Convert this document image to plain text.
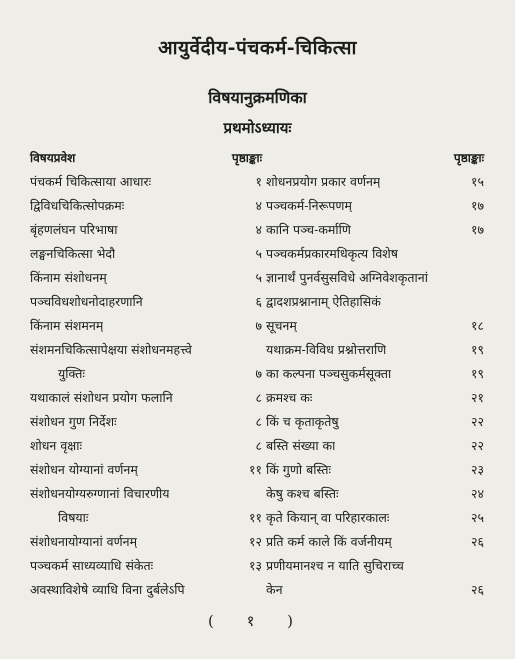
आयुर्वेदीय-पंचकर्म-चिकित्सा
विषयानुक्रमणिका
प्रथमोऽध्यायः
विषयप्रवेश	पृष्ठाङ्काः
पंचकर्म चिकित्साया आधारः	१
द्विविधचिकित्सोपक्रमः	४
बृंहणलंघन परिभाषा	४
लङ्घनचिकित्सा भेदौ	५
किंनाम संशोधनम्	५
पञ्चविधशोधनोदाहरणानि	६
किंनाम संशमनम्	७
संशमनचिकित्सापेक्षया संशोधनमहत्त्वे
युक्तिः	७
यथाकालं संशोधन प्रयोग फलानि	८
संशोधन गुण निर्देशः	८
शोधन वृक्षाः	८
संशोधन योग्यानां वर्णनम्	११
संशोधनयोग्यरुग्णानां विचारणीय
विषयाः	११
संशोधनायोग्यानां वर्णनम्	१२
पञ्चकर्म साध्यव्याधि संकेतः	१३
अवस्थाविशेषे व्याधि विना दुर्बलेऽपि
पृष्ठाङ्काः
शोधनप्रयोग प्रकार वर्णनम्	१५
पञ्चकर्म-निरूपणम्	१७
कानि पञ्च-कर्माणि	१७
पञ्चकर्मप्रकारमधिकृत्य विशेष
ज्ञानार्थं पुनर्वसुसविधे अग्निवेशकृतानां
द्वादशप्रश्नानाम् ऐतिहासिकं
सूचनम्	१८
यथाक्रम-विविध प्रश्नोत्तराणि	१९
का कल्पना पञ्चसुकर्मसूक्ता	१९
क्रमश्च कः	२१
किं च कृताकृतेषु	२२
बस्ति संख्या का	२२
किं गुणो बस्तिः	२३
केषु कश्च बस्तिः	२४
कृते कियान् वा परिहारकालः	२५
प्रति कर्म काले किं वर्जनीयम्	२६
प्रणीयमानश्च न याति सुचिराच्च
केन	२६
( १ )
